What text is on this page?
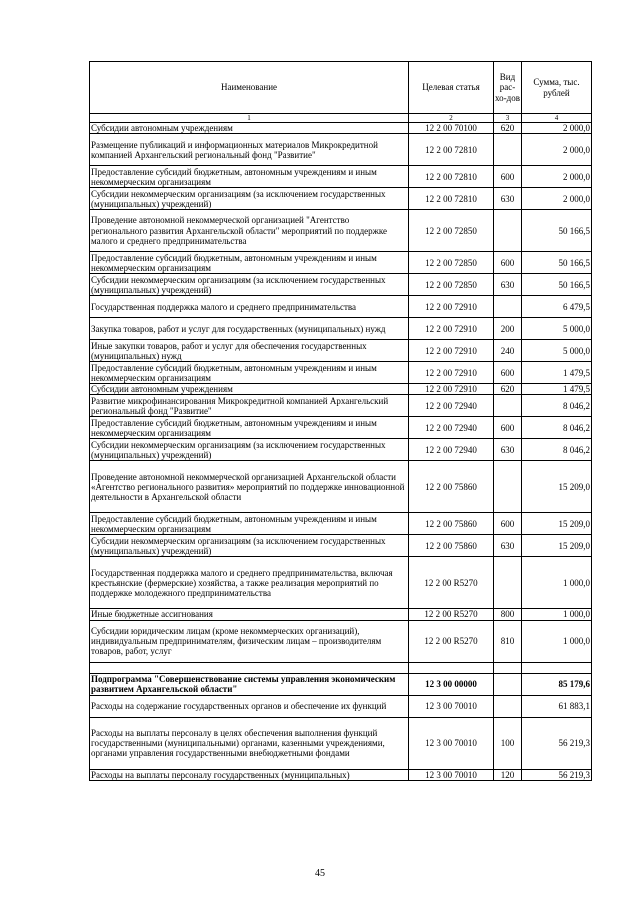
Наименование	Целевая статья	Вид рас-хо-дов	Сумма, тыс. рублей
1	2	3	4
Субсидии автономным учреждениям	12 2 00 70100	620	2 000,0
Размещение публикаций и информационных материалов Микрокредитной компанией Архангельский региональный фонд "Развитие"	12 2 00 72810		2 000,0
Предоставление субсидий бюджетным, автономным учреждениям и иным некоммерческим организациям	12 2 00 72810	600	2 000,0
Субсидии некоммерческим организациям (за исключением государственных (муниципальных) учреждений)	12 2 00 72810	630	2 000,0
Проведение автономной некоммерческой организацией "Агентство регионального развития Архангельской области" мероприятий по поддержке малого и среднего предпринимательства	12 2 00 72850		50 166,5
Предоставление субсидий бюджетным, автономным учреждениям и иным некоммерческим организациям	12 2 00 72850	600	50 166,5
Субсидии некоммерческим организациям (за исключением государственных (муниципальных) учреждений)	12 2 00 72850	630	50 166,5
Государственная поддержка малого и среднего предпринимательства	12 2 00 72910		6 479,5
Закупка товаров, работ и услуг для государственных (муниципальных) нужд	12 2 00 72910	200	5 000,0
Иные закупки товаров, работ и услуг для обеспечения государственных (муниципальных) нужд	12 2 00 72910	240	5 000,0
Предоставление субсидий бюджетным, автономным учреждениям и иным некоммерческим организациям	12 2 00 72910	600	1 479,5
Субсидии автономным учреждениям	12 2 00 72910	620	1 479,5
Развитие микрофинансирования Микрокредитной компанией Архангельский региональный фонд "Развитие"	12 2 00 72940		8 046,2
Предоставление субсидий бюджетным, автономным учреждениям и иным некоммерческим организациям	12 2 00 72940	600	8 046,2
Субсидии некоммерческим организациям (за исключением государственных (муниципальных) учреждений)	12 2 00 72940	630	8 046,2
Проведение автономной некоммерческой организацией Архангельской области «Агентство регионального развития» мероприятий по поддержке инновационной деятельности в Архангельской области	12 2 00 75860		15 209,0
Предоставление субсидий бюджетным, автономным учреждениям и иным некоммерческим организациям	12 2 00 75860	600	15 209,0
Субсидии некоммерческим организациям (за исключением государственных (муниципальных) учреждений)	12 2 00 75860	630	15 209,0
Государственная поддержка малого и среднего предпринимательства, включая крестьянские (фермерские) хозяйства, а также реализация мероприятий по поддержке молодежного предпринимательства	12 2 00 R5270		1 000,0
Иные бюджетные ассигнования	12 2 00 R5270	800	1 000,0
Субсидии юридическим лицам (кроме некоммерческих организаций), индивидуальным предпринимателям, физическим лицам – производителям товаров, работ, услуг	12 2 00 R5270	810	1 000,0

Подпрограмма "Совершенствование системы управления экономическим развитием Архангельской области"	12 3 00 00000		85 179,6
Расходы на содержание государственных органов и обеспечение их функций	12 3 00 70010		61 883,1
Расходы на выплаты персоналу в целях обеспечения выполнения функций государственными (муниципальными) органами, казенными учреждениями, органами управления государственными внебюджетными фондами	12 3 00 70010	100	56 219,3
Расходы на выплаты персоналу государственных (муниципальных)	12 3 00 70010	120	56 219,3
45
